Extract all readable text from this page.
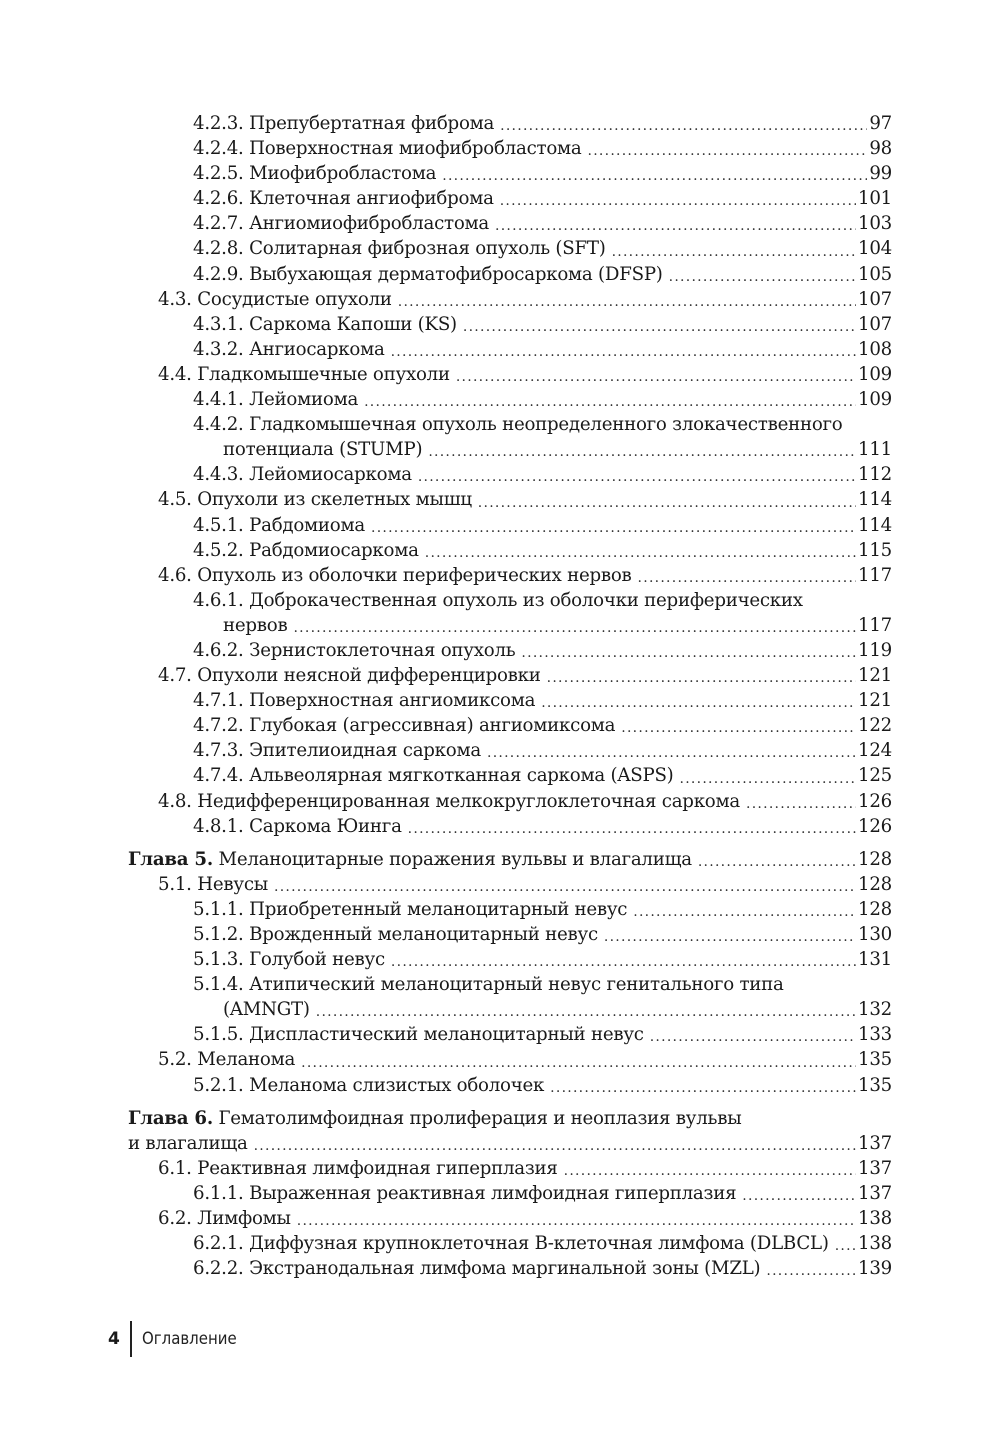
4.2.3. Препубертатная фиброма . . .	97
4.2.4. Поверхностная миофибробластома . . .	98
4.2.5. Миофибробластома . . .	99
4.2.6. Клеточная ангиофиброма . . .	101
4.2.7. Ангиомиофибробластома . . .	103
4.2.8. Солитарная фиброзная опухоль (SFT) . . .	104
4.2.9. Выбухающая дерматофибросаркома (DFSP) . . .	105
4.3. Сосудистые опухоли . . .	107
4.3.1. Саркома Капоши (KS) . . .	107
4.3.2. Ангиосаркома . . .	108
4.4. Гладкомышечные опухоли . . .	109
4.4.1. Лейомиома . . .	109
4.4.2. Гладкомышечная опухоль неопределенного злокачественного
потенциала (STUMP) . . .	111
4.4.3. Лейомиосаркома . . .	112
4.5. Опухоли из скелетных мышц . . .	114
4.5.1. Рабдомиома . . .	114
4.5.2. Рабдомиосаркома . . .	115
4.6. Опухоль из оболочки периферических нервов . . .	117
4.6.1. Доброкачественная опухоль из оболочки периферических
нервов . . .	117
4.6.2. Зернистоклеточная опухоль . . .	119
4.7. Опухоли неясной дифференцировки . . .	121
4.7.1. Поверхностная ангиомиксома . . .	121
4.7.2. Глубокая (агрессивная) ангиомиксома . . .	122
4.7.3. Эпителиоидная саркома . . .	124
4.7.4. Альвеолярная мягкотканная саркома (ASPS) . . .	125
4.8. Недифференцированная мелкокруглоклеточная саркома . . .	126
4.8.1. Саркома Юинга . . .	126
Глава 5. Меланоцитарные поражения вульвы и влагалища . . .	128
5.1. Невусы . . .	128
5.1.1. Приобретенный меланоцитарный невус . . .	128
5.1.2. Врожденный меланоцитарный невус . . .	130
5.1.3. Голубой невус . . .	131
5.1.4. Атипический меланоцитарный невус генитального типа
(AMNGT) . . .	132
5.1.5. Диспластический меланоцитарный невус . . .	133
5.2. Меланома . . .	135
5.2.1. Меланома слизистых оболочек . . .	135
Глава 6. Гематолимфоидная пролиферация и неоплазия вульвы
и влагалища . . .	137
6.1. Реактивная лимфоидная гиперплазия . . .	137
6.1.1. Выраженная реактивная лимфоидная гиперплазия . . .	137
6.2. Лимфомы . . .	138
6.2.1. Диффузная крупноклеточная В-клеточная лимфома (DLBCL) . . .	138
6.2.2. Экстранодальная лимфома маргинальной зоны (MZL) . . .	139
4 Оглавление
